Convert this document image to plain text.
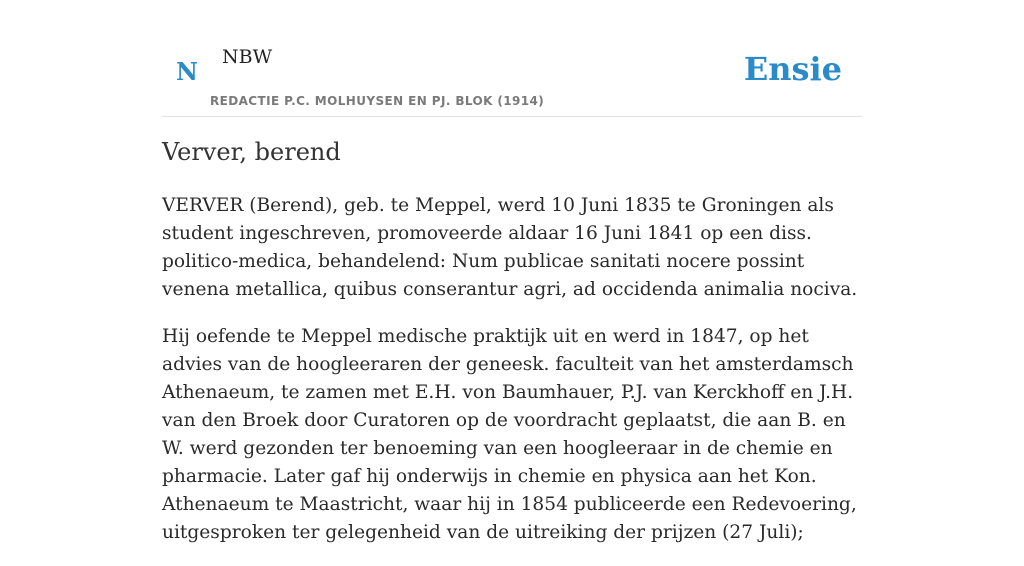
N NBW
REDACTIE P.C. MOLHUYSEN EN PJ. BLOK (1914)
Ensie
Verver, berend

VERVER (Berend), geb. te Meppel, werd 10 Juni 1835 te Groningen als student ingeschreven, promoveerde aldaar 16 Juni 1841 op een diss. politico-medica, behandelend: Num publicae sanitati nocere possint venena metallica, quibus conserantur agri, ad occidenda animalia nociva.

Hij oefende te Meppel medische praktijk uit en werd in 1847, op het advies van de hoogleeraren der geneesk. faculteit van het amsterdamsch Athenaeum, te zamen met E.H. von Baumhauer, P.J. van Kerckhoff en J.H. van den Broek door Curatoren op de voordracht geplaatst, die aan B. en W. werd gezonden ter benoeming van een hoogleeraar in de chemie en pharmacie. Later gaf hij onderwijs in chemie en physica aan het Kon. Athenaeum te Maastricht, waar hij in 1854 publiceerde een Redevoering, uitgesproken ter gelegenheid van de uitreiking der prijzen (27 Juli);
